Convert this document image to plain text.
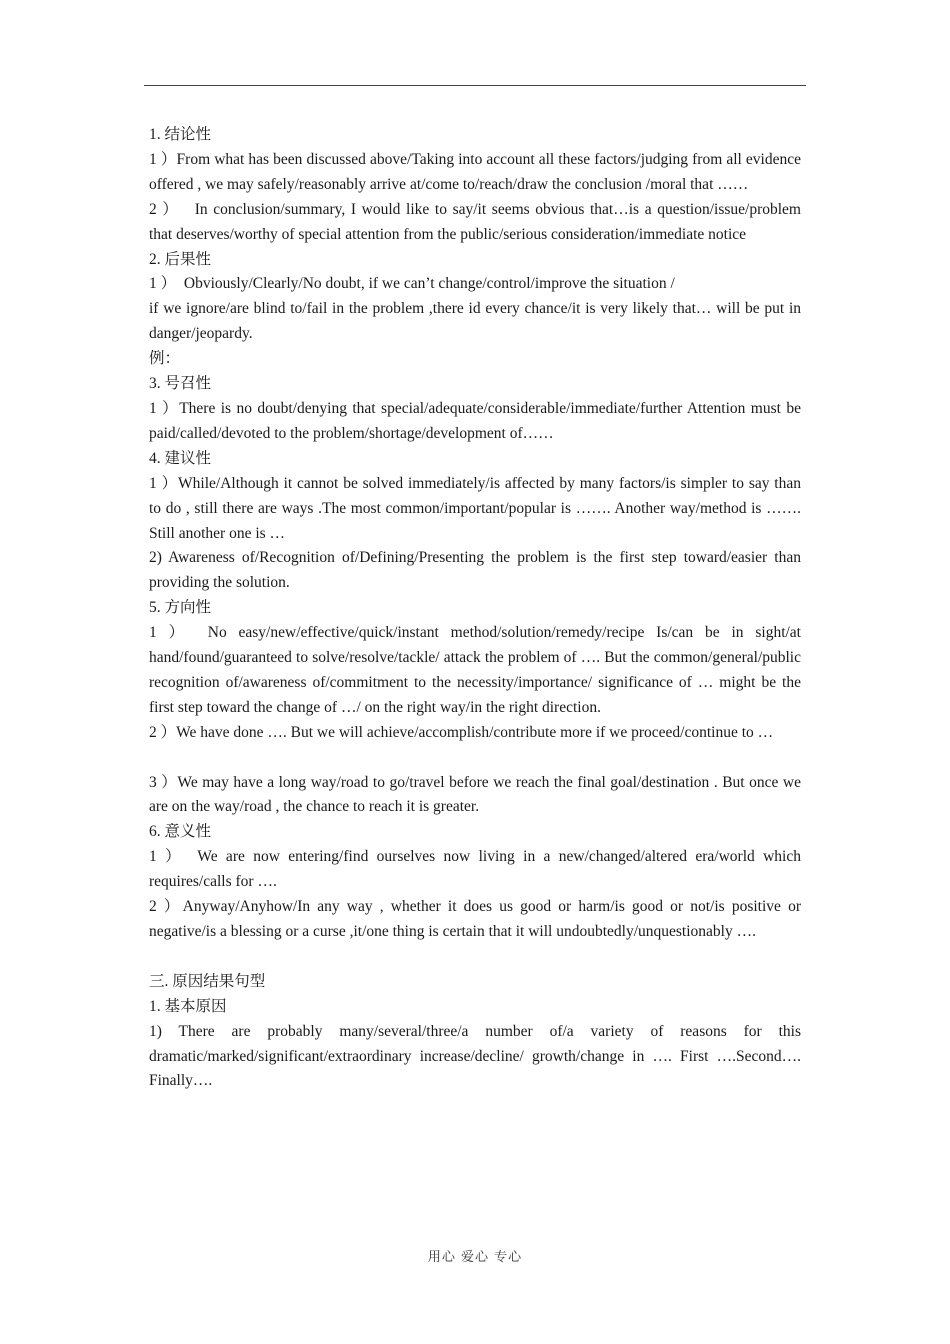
1. 结论性

1 ）From what has been discussed above/Taking into account all these factors/judging from all evidence offered , we may safely/reasonably arrive at/come to/reach/draw the conclusion /moral that ……

2 ）　 In conclusion/summary, I would like to say/it seems obvious that…is a question/issue/problem that deserves/worthy of special attention from the public/serious consideration/immediate notice

2. 后果性

1 ）　Obviously/Clearly/No doubt, if we can’t change/control/improve the situation /

if we ignore/are blind to/fail in the problem ,there id every chance/it is very likely that… will be put in danger/jeopardy.

例：

3. 号召性

1 ）There is no doubt/denying that special/adequate/considerable/immediate/further Attention must be paid/called/devoted to the problem/shortage/development of……

4. 建议性

1 ）While/Although it cannot be solved immediately/is affected by many factors/is simpler to say than to do , still there are ways .The most common/important/popular is ……. Another way/method is ……. Still another one is …

2) Awareness of/Recognition of/Defining/Presenting the problem is the first step toward/easier than providing the solution.

5. 方向性

1 ）　No easy/new/effective/quick/instant method/solution/remedy/recipe Is/can be in sight/at hand/found/guaranteed to solve/resolve/tackle/ attack the problem of …. But the common/general/public recognition of/awareness of/commitment to the necessity/importance/ significance of … might be the first step toward the change of …/ on the right way/in the right direction.

2 ）We have done …. But we will achieve/accomplish/contribute more if we proceed/continue to …

3 ）We may have a long way/road to go/travel before we reach the final goal/destination . But once we are on the way/road , the chance to reach it is greater.

6. 意义性

1 ）　We are now entering/find ourselves now living in a new/changed/altered era/world which requires/calls for ….

2 ）Anyway/Anyhow/In any way , whether it does us good or harm/is good or not/is positive or negative/is a blessing or a curse ,it/one thing is certain that it will undoubtedly/unquestionably ….

三. 原因结果句型

1. 基本原因

1) There are probably many/several/three/a number of/a variety of reasons for this dramatic/marked/significant/extraordinary increase/decline/ growth/change in …. First ….Second…. Finally….

用心 爱心 专心
